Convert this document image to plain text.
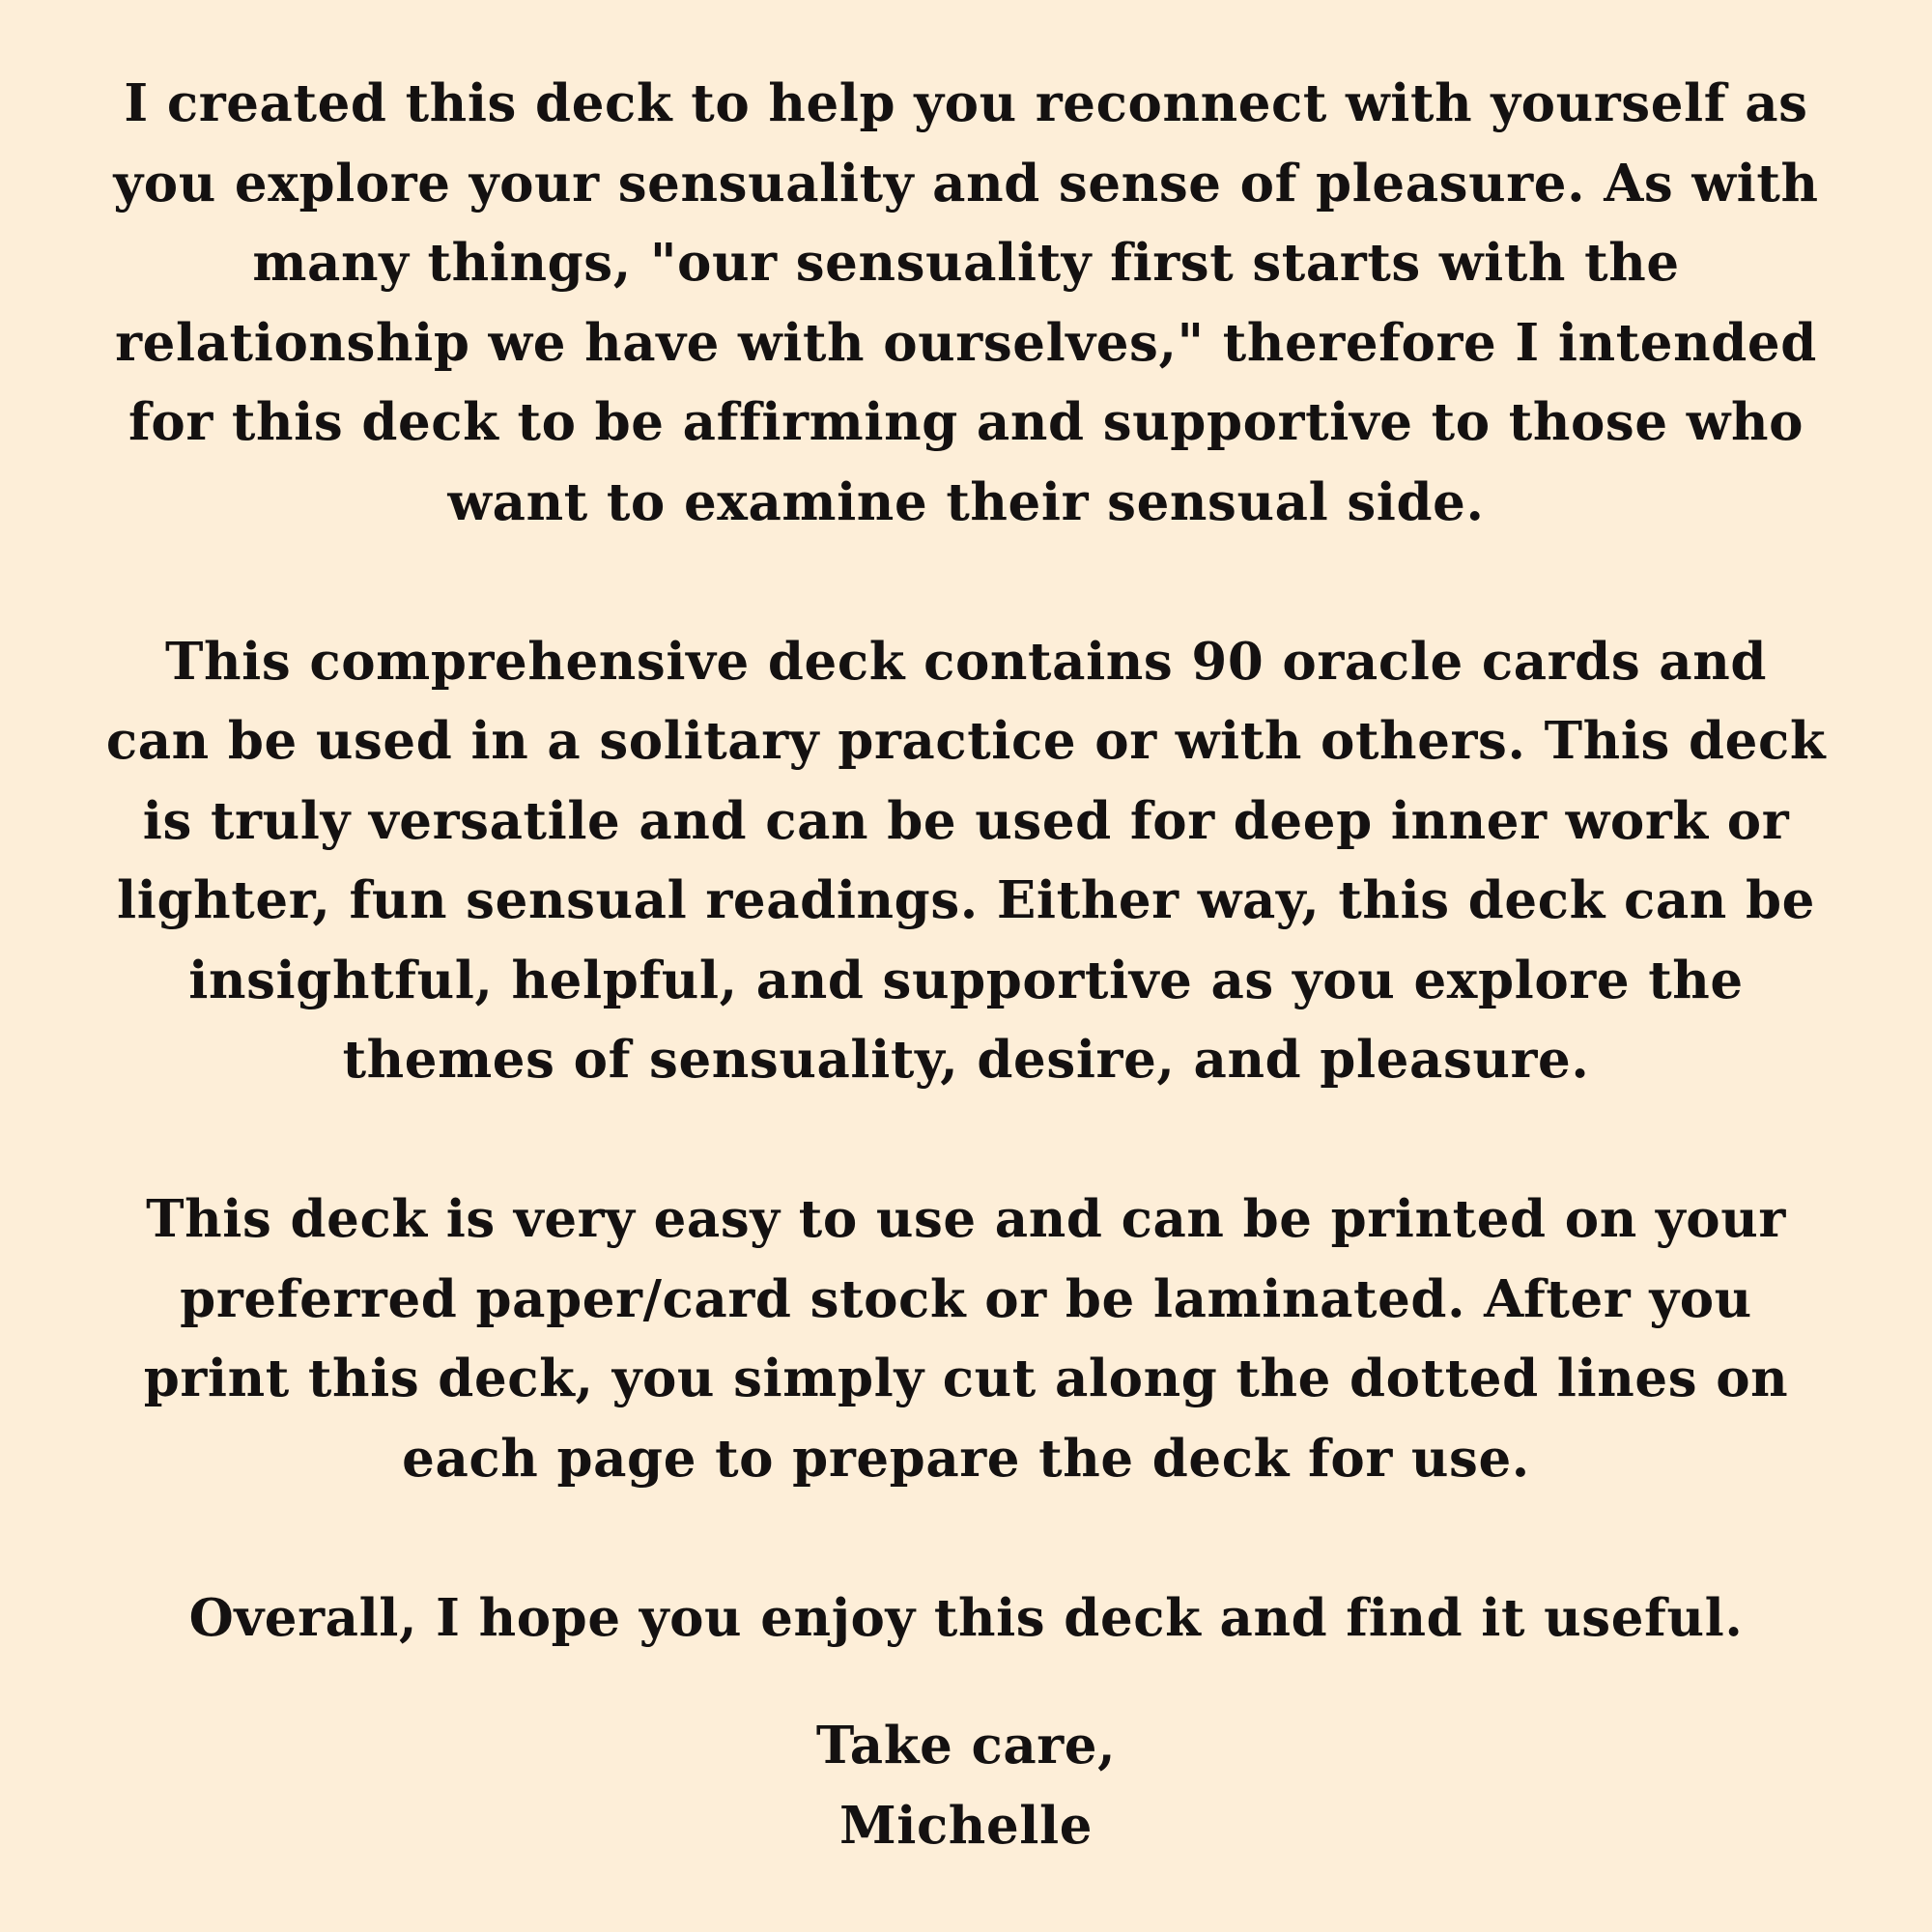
I created this deck to help you reconnect with yourself as
you explore your sensuality and sense of pleasure. As with
many things, "our sensuality first starts with the
relationship we have with ourselves," therefore I intended
for this deck to be affirming and supportive to those who
want to examine their sensual side.

This comprehensive deck contains 90 oracle cards and
can be used in a solitary practice or with others. This deck
is truly versatile and can be used for deep inner work or
lighter, fun sensual readings. Either way, this deck can be
insightful, helpful, and supportive as you explore the
themes of sensuality, desire, and pleasure.

This deck is very easy to use and can be printed on your
preferred paper/card stock or be laminated. After you
print this deck, you simply cut along the dotted lines on
each page to prepare the deck for use.

Overall, I hope you enjoy this deck and find it useful.

Take care,
Michelle
